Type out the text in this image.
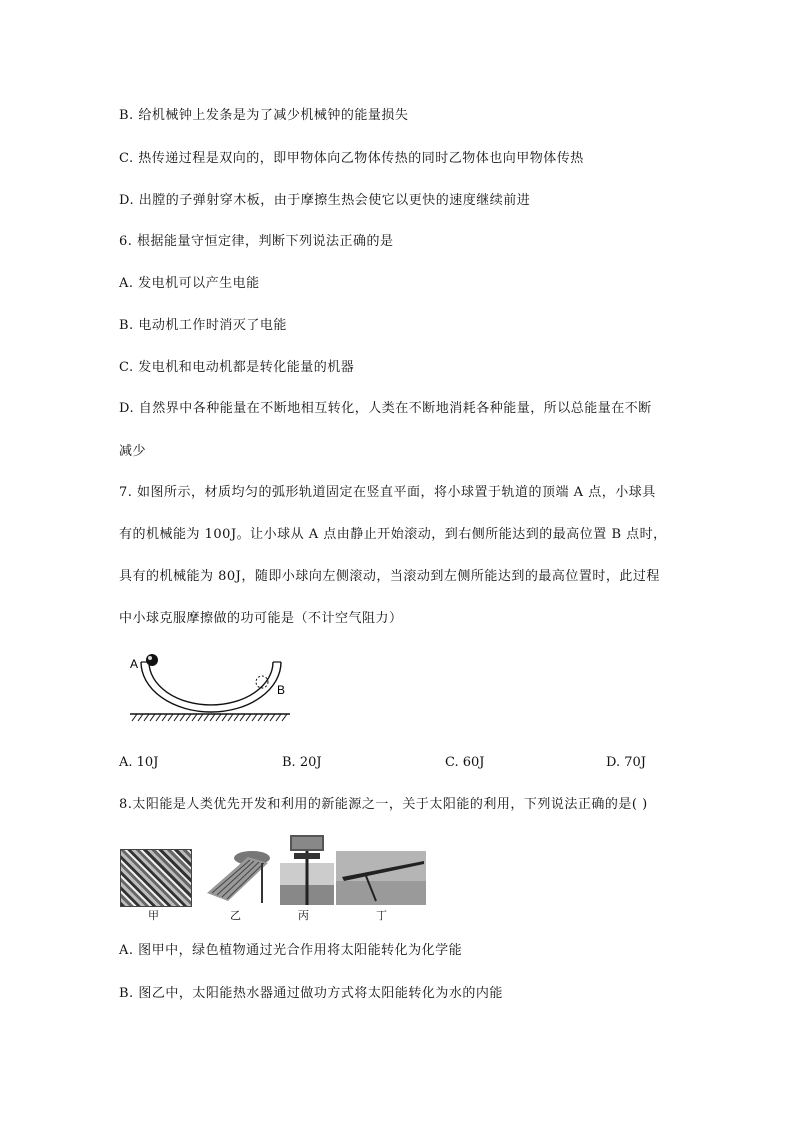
B. 给机械钟上发条是为了减少机械钟的能量损失
C. 热传递过程是双向的，即甲物体向乙物体传热的同时乙物体也向甲物体传热
D. 出膛的子弹射穿木板，由于摩擦生热会使它以更快的速度继续前进
6. 根据能量守恒定律，判断下列说法正确的是
A. 发电机可以产生电能
B. 电动机工作时消灭了电能
C. 发电机和电动机都是转化能量的机器
D. 自然界中各种能量在不断地相互转化，人类在不断地消耗各种能量，所以总能量在不断
减少
7. 如图所示，材质均匀的弧形轨道固定在竖直平面，将小球置于轨道的顶端 A 点，小球具
有的机械能为 100J。让小球从 A 点由静止开始滚动，到右侧所能达到的最高位置 B 点时，
具有的机械能为 80J，随即小球向左侧滚动，当滚动到左侧所能达到的最高位置时，此过程
中小球克服摩擦做的功可能是（不计空气阻力）
A
B
A. 10J	B. 20J	C. 60J	D. 70J
8.太阳能是人类优先开发和利用的新能源之一，关于太阳能的利用，下列说法正确的是( )
甲	乙	丙	丁
A. 图甲中，绿色植物通过光合作用将太阳能转化为化学能
B. 图乙中，太阳能热水器通过做功方式将太阳能转化为水的内能
